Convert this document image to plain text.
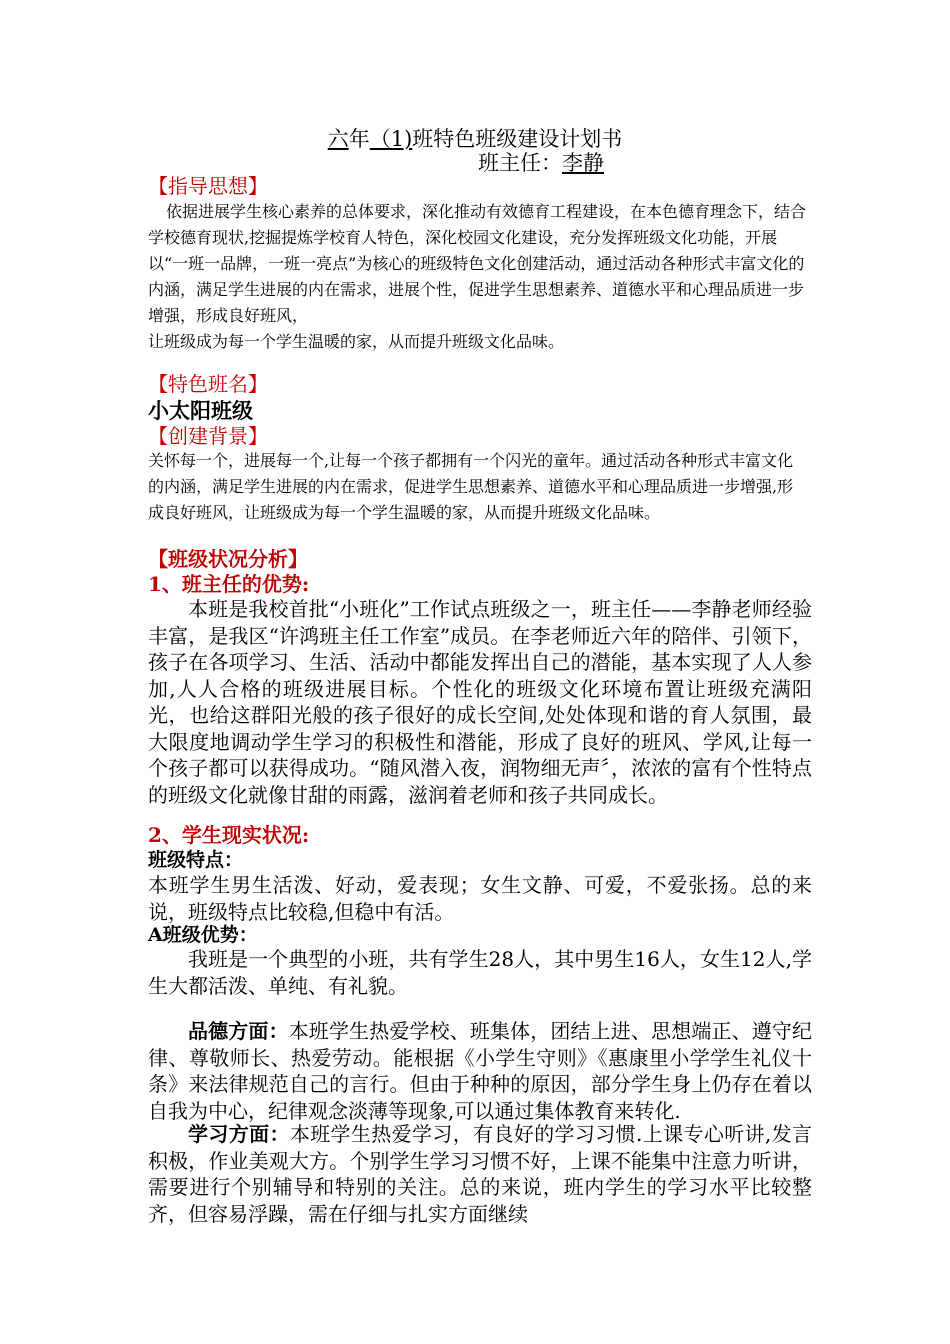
六年（1)班特色班级建设计划书
班主任：李静
【指导思想】

依据进展学生核心素养的总体要求，深化推动有效德育工程建设，在本色德育理念下，结合学校德育现状,挖掘提炼学校育人特色，深化校园文化建设，充分发挥班级文化功能，开展以“一班一品牌，一班一亮点”为核心的班级特色文化创建活动，通过活动各种形式丰富文化的内涵，满足学生进展的内在需求，进展个性，促进学生思想素养、道德水平和心理品质进一步增强，形成良好班风，

让班级成为每一个学生温暖的家，从而提升班级文化品味。

【特色班名】
小太阳班级
【创建背景】

关怀每一个，进展每一个,让每一个孩子都拥有一个闪光的童年。通过活动各种形式丰富文化的内涵，满足学生进展的内在需求，促进学生思想素养、道德水平和心理品质进一步增强,形成良好班风，让班级成为每一个学生温暖的家，从而提升班级文化品味。

【班级状况分析】
1、班主任的优势:

本班是我校首批“小班化”工作试点班级之一，班主任——李静老师经验丰富，是我区“许鸿班主任工作室”成员。在李老师近六年的陪伴、引领下，孩子在各项学习、生活、活动中都能发挥出自己的潜能，基本实现了人人参加,人人合格的班级进展目标。个性化的班级文化环境布置让班级充满阳光，也给这群阳光般的孩子很好的成长空间,处处体现和谐的育人氛围，最大限度地调动学生学习的积极性和潜能，形成了良好的班风、学风,让每一个孩子都可以获得成功。“随风潜入夜，润物细无声〞，浓浓的富有个性特点的班级文化就像甘甜的雨露，滋润着老师和孩子共同成长。

2、学生现实状况:
班级特点：

本班学生男生活泼、好动，爱表现；女生文静、可爱，不爱张扬。总的来说，班级特点比较稳,但稳中有活。

A班级优势：

我班是一个典型的小班，共有学生28人，其中男生16人，女生12人,学生大都活泼、单纯、有礼貌。

品德方面：本班学生热爱学校、班集体，团结上进、思想端正、遵守纪律、尊敬师长、热爱劳动。能根据《小学生守则》《惠康里小学学生礼仪十条》来法律规范自己的言行。但由于种种的原因，部分学生身上仍存在着以自我为中心，纪律观念淡薄等现象,可以通过集体教育来转化.

学习方面：本班学生热爱学习，有良好的学习习惯.上课专心听讲,发言积极，作业美观大方。个别学生学习习惯不好，上课不能集中注意力听讲，需要进行个别辅导和特别的关注。总的来说，班内学生的学习水平比较整齐，但容易浮躁，需在仔细与扎实方面继续
